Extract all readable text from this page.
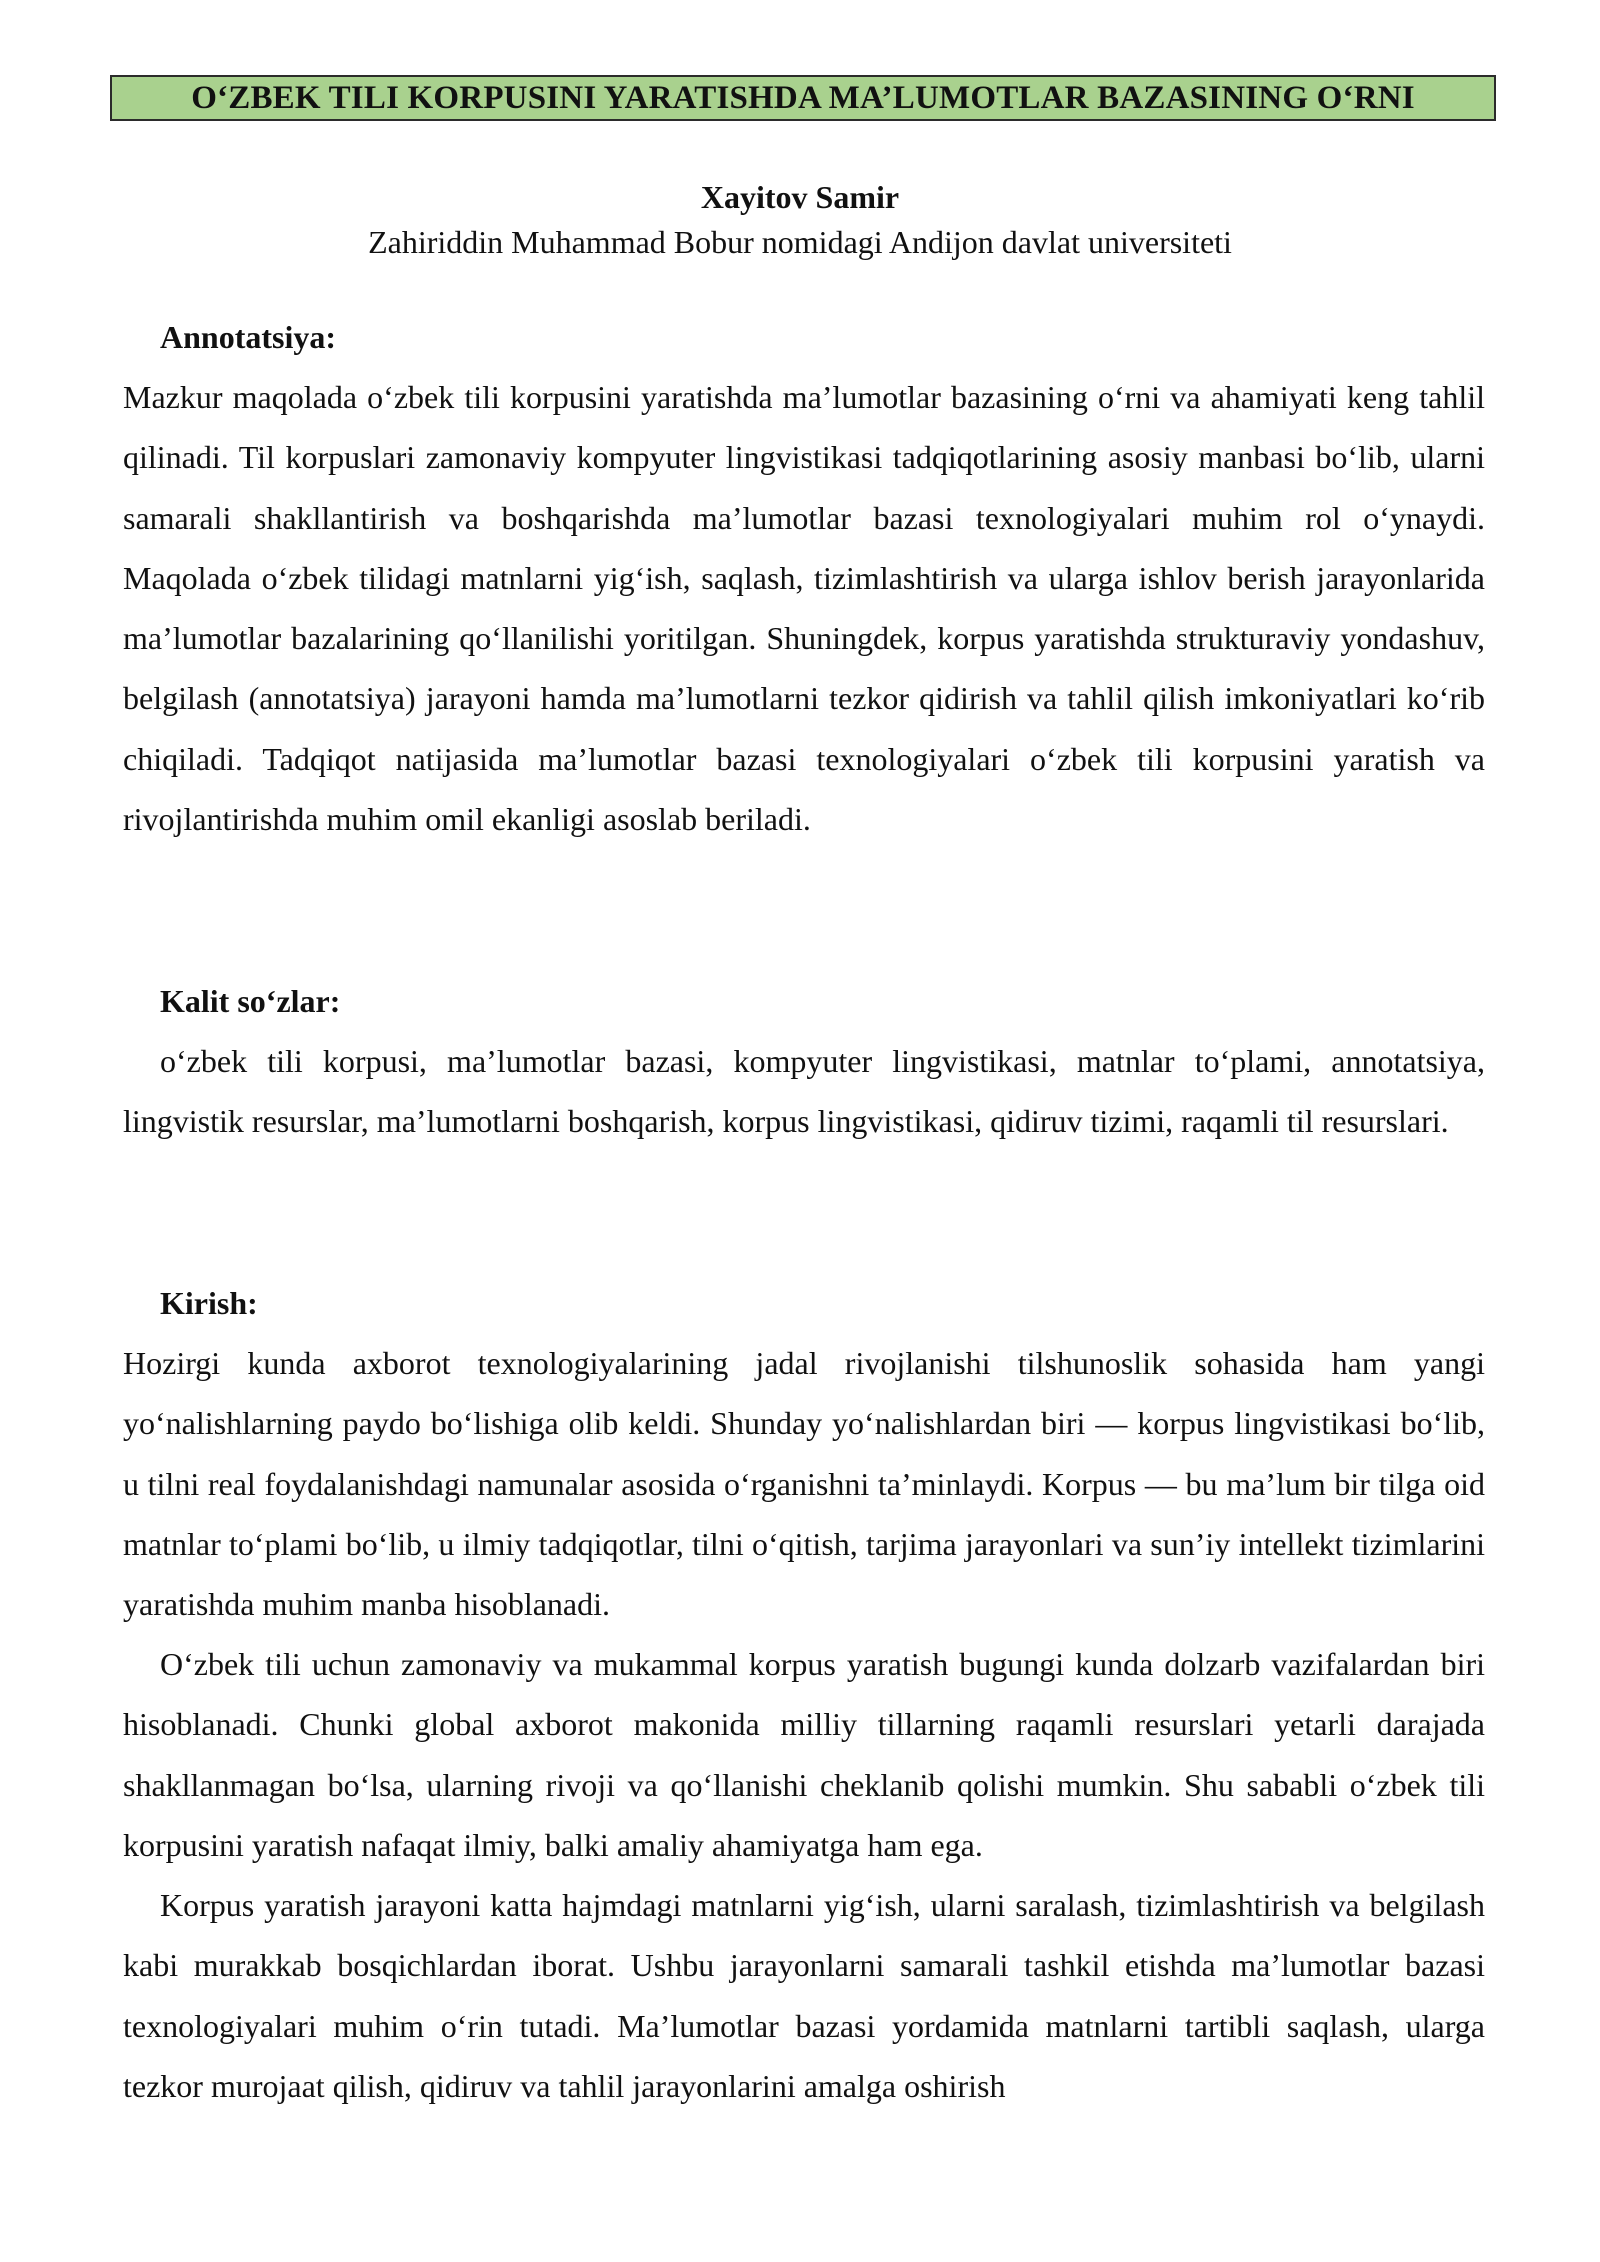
O‘ZBEK TILI KORPUSINI YARATISHDA MA’LUMOTLAR BAZASINING O‘RNI
Xayitov Samir
Zahiriddin Muhammad Bobur nomidagi Andijon davlat universiteti
Annotatsiya:

Mazkur maqolada o‘zbek tili korpusini yaratishda ma’lumotlar bazasining o‘rni va ahamiyati keng tahlil qilinadi. Til korpuslari zamonaviy kompyuter lingvistikasi tadqiqotlarining asosiy manbasi bo‘lib, ularni samarali shakllantirish va boshqarishda ma’lumotlar bazasi texnologiyalari muhim rol o‘ynaydi. Maqolada o‘zbek tilidagi matnlarni yig‘ish, saqlash, tizimlashtirish va ularga ishlov berish jarayonlarida ma’lumotlar bazalarining qo‘llanilishi yoritilgan. Shuningdek, korpus yaratishda strukturaviy yondashuv, belgilash (annotatsiya) jarayoni hamda ma’lumotlarni tezkor qidirish va tahlil qilish imkoniyatlari ko‘rib chiqiladi. Tadqiqot natijasida ma’lumotlar bazasi texnologiyalari o‘zbek tili korpusini yaratish va rivojlantirishda muhim omil ekanligi asoslab beriladi.

Kalit so‘zlar:

o‘zbek tili korpusi, ma’lumotlar bazasi, kompyuter lingvistikasi, matnlar to‘plami, annotatsiya, lingvistik resurslar, ma’lumotlarni boshqarish, korpus lingvistikasi, qidiruv tizimi, raqamli til resurslari.

Kirish:

Hozirgi kunda axborot texnologiyalarining jadal rivojlanishi tilshunoslik sohasida ham yangi yo‘nalishlarning paydo bo‘lishiga olib keldi. Shunday yo‘nalishlardan biri — korpus lingvistikasi bo‘lib, u tilni real foydalanishdagi namunalar asosida o‘rganishni ta’minlaydi. Korpus — bu ma’lum bir tilga oid matnlar to‘plami bo‘lib, u ilmiy tadqiqotlar, tilni o‘qitish, tarjima jarayonlari va sun’iy intellekt tizimlarini yaratishda muhim manba hisoblanadi.

O‘zbek tili uchun zamonaviy va mukammal korpus yaratish bugungi kunda dolzarb vazifalardan biri hisoblanadi. Chunki global axborot makonida milliy tillarning raqamli resurslari yetarli darajada shakllanmagan bo‘lsa, ularning rivoji va qo‘llanishi cheklanib qolishi mumkin. Shu sababli o‘zbek tili korpusini yaratish nafaqat ilmiy, balki amaliy ahamiyatga ham ega.

Korpus yaratish jarayoni katta hajmdagi matnlarni yig‘ish, ularni saralash, tizimlashtirish va belgilash kabi murakkab bosqichlardan iborat. Ushbu jarayonlarni samarali tashkil etishda ma’lumotlar bazasi texnologiyalari muhim o‘rin tutadi. Ma’lumotlar bazasi yordamida matnlarni tartibli saqlash, ularga tezkor murojaat qilish, qidiruv va tahlil jarayonlarini amalga oshirish
